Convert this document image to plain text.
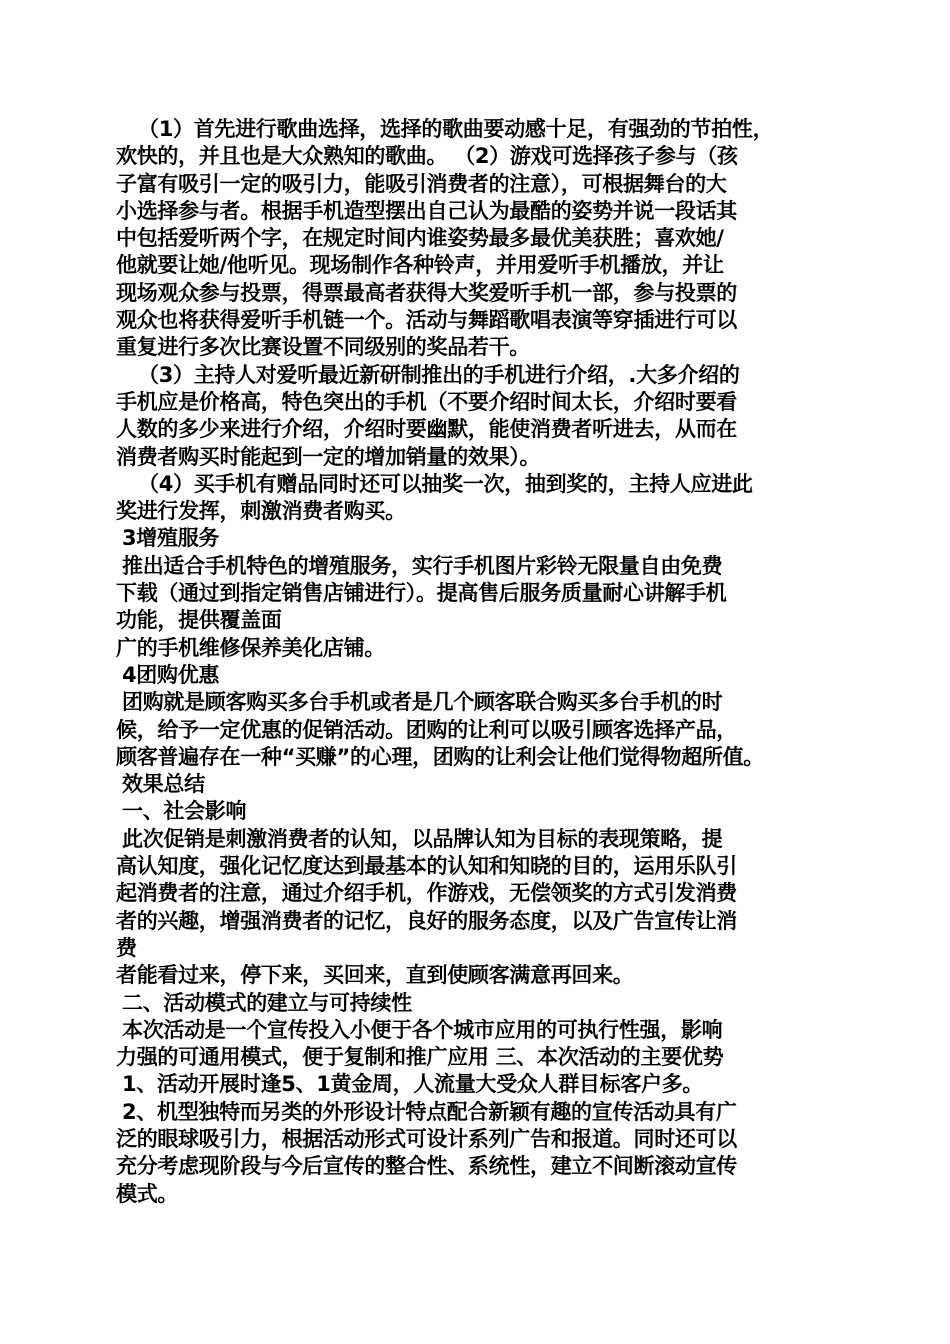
（1）首先进行歌曲选择，选择的歌曲要动感十足，有强劲的节拍性，
欢快的，并且也是大众熟知的歌曲。 （2）游戏可选择孩子参与（孩
子富有吸引一定的吸引力，能吸引消费者的注意），可根据舞台的大
小选择参与者。根据手机造型摆出自己认为最酷的姿势并说一段话其
中包括爱听两个字，在规定时间内谁姿势最多最优美获胜；喜欢她/
他就要让她/他听见。现场制作各种铃声，并用爱听手机播放，并让
现场观众参与投票，得票最高者获得大奖爱听手机一部，参与投票的
观众也将获得爱听手机链一个。活动与舞蹈歌唱表演等穿插进行可以
重复进行多次比赛设置不同级别的奖品若干。
（3）主持人对爱听最近新研制推出的手机进行介绍，.大多介绍的
手机应是价格高，特色突出的手机（不要介绍时间太长，介绍时要看
人数的多少来进行介绍，介绍时要幽默，能使消费者听进去，从而在
消费者购买时能起到一定的增加销量的效果）。
（4）买手机有赠品同时还可以抽奖一次，抽到奖的，主持人应进此
奖进行发挥，刺激消费者购买。
3增殖服务
推出适合手机特色的增殖服务，实行手机图片彩铃无限量自由免费
下载（通过到指定销售店铺进行）。提高售后服务质量耐心讲解手机
功能，提供覆盖面
广的手机维修保养美化店铺。
4团购优惠
团购就是顾客购买多台手机或者是几个顾客联合购买多台手机的时
候，给予一定优惠的促销活动。团购的让利可以吸引顾客选择产品，
顾客普遍存在一种“买赚”的心理，团购的让利会让他们觉得物超所值。
效果总结
一、社会影响
此次促销是刺激消费者的认知，以品牌认知为目标的表现策略，提
高认知度，强化记忆度达到最基本的认知和知晓的目的，运用乐队引
起消费者的注意，通过介绍手机，作游戏，无偿领奖的方式引发消费
者的兴趣，增强消费者的记忆，良好的服务态度，以及广告宣传让消
费
者能看过来，停下来，买回来，直到使顾客满意再回来。
二、活动模式的建立与可持续性
本次活动是一个宣传投入小便于各个城市应用的可执行性强，影响
力强的可通用模式，便于复制和推广应用 三、本次活动的主要优势
1、活动开展时逢5、1黄金周，人流量大受众人群目标客户多。
2、机型独特而另类的外形设计特点配合新颖有趣的宣传活动具有广
泛的眼球吸引力，根据活动形式可设计系列广告和报道。同时还可以
充分考虑现阶段与今后宣传的整合性、系统性，建立不间断滚动宣传
模式。
